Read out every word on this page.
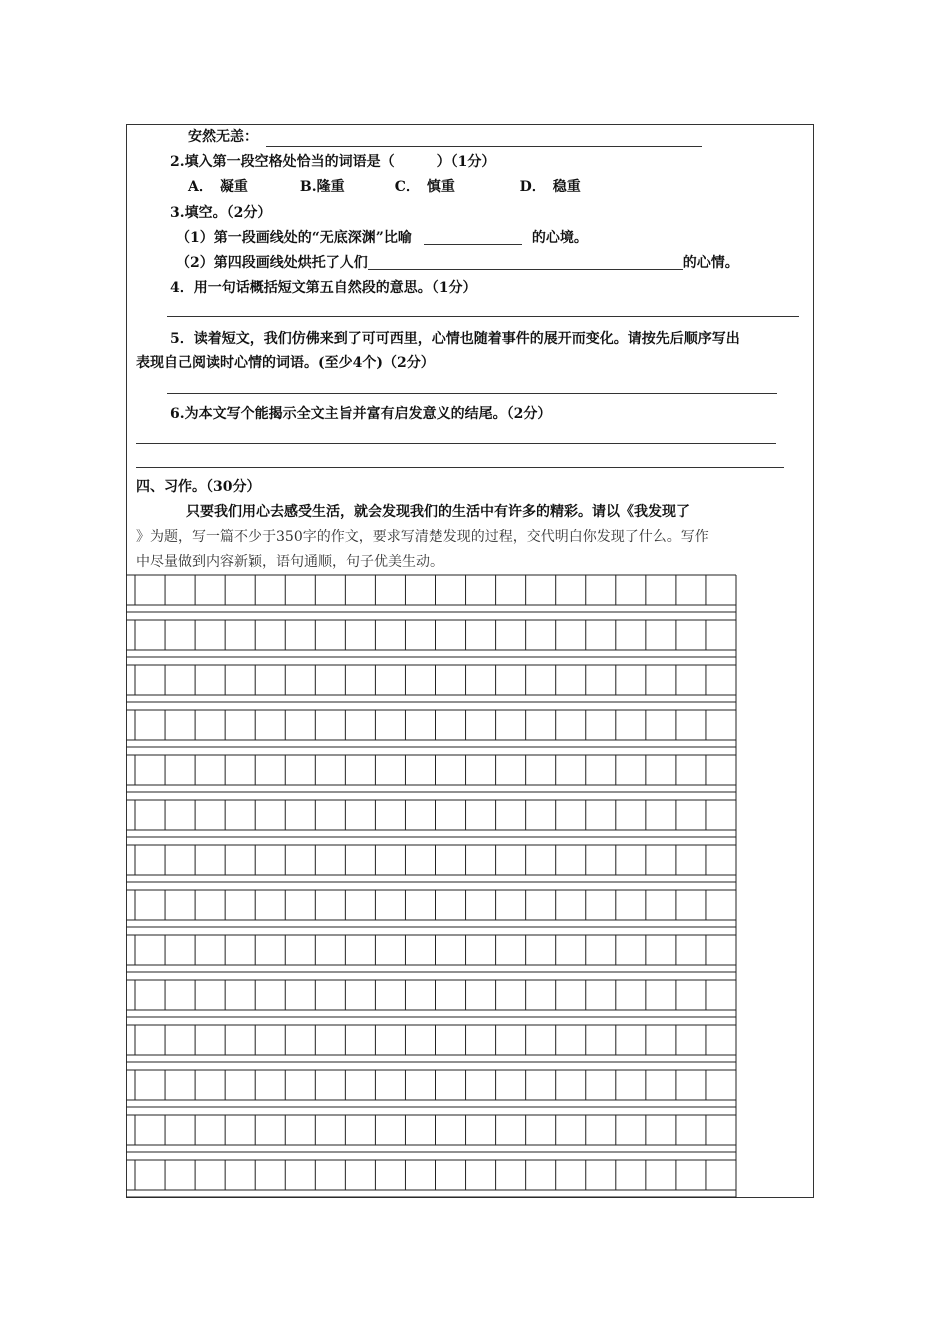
安然无恙：
2.填入第一段空格处恰当的词语是（　　　）（1分）
A．　凝重	B.隆重	C．　慎重	D．　稳重
3.填空。（2分）
（1）第一段画线处的“无底深渊”比喻	的心境。
（2）第四段画线处烘托了人们	的心情。
4．用一句话概括短文第五自然段的意思。（1分）
5．读着短文，我们仿佛来到了可可西里，心情也随着事件的展开而变化。请按先后顺序写出
表现自己阅读时心情的词语。(至少4个)（2分）
6.为本文写个能揭示全文主旨并富有启发意义的结尾。（2分）
四、习作。（30分）
只要我们用心去感受生活，就会发现我们的生活中有许多的精彩。请以《我发现了
》为题，写一篇不少于350字的作文，要求写清楚发现的过程，交代明白你发现了什么。写作
中尽量做到内容新颖，语句通顺，句子优美生动。
